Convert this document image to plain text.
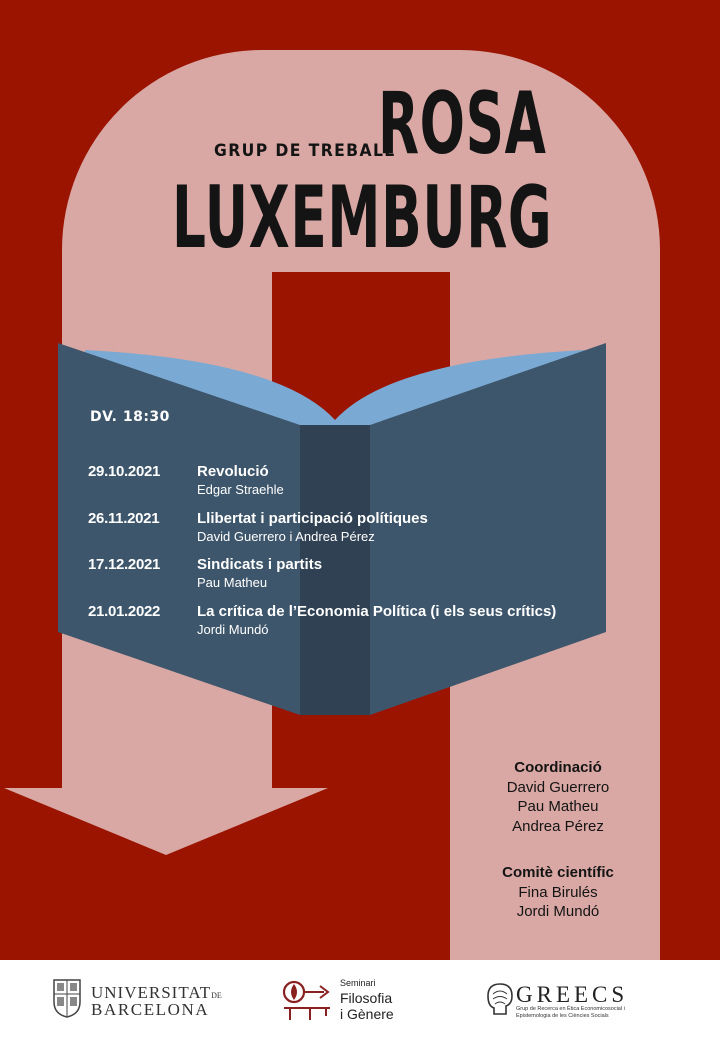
GRUP DE TREBALL
ROSA
LUXEMBURG
DV. 18:30
29.10.2021 Revolució
Edgar Straehle
26.11.2021	Llibertat i participació polítiques
David Guerrero i Andrea Pérez
17.12.2021 Sindicats i partits
Pau Matheu
21.01.2022 La crítica de l’Economia Política (i els seus crítics)
Jordi Mundó
Coordinació
David Guerrero
Pau Matheu
Andrea Pérez
Comitè científic
Fina Birulés
Jordi Mundó
UNIVERSITATDE
BARCELONA
Seminari
Filosofia
i Gènere
GREECS
Grup de Recerca en Ètica Economicosocial i Epistemologia de les Ciències Socials
